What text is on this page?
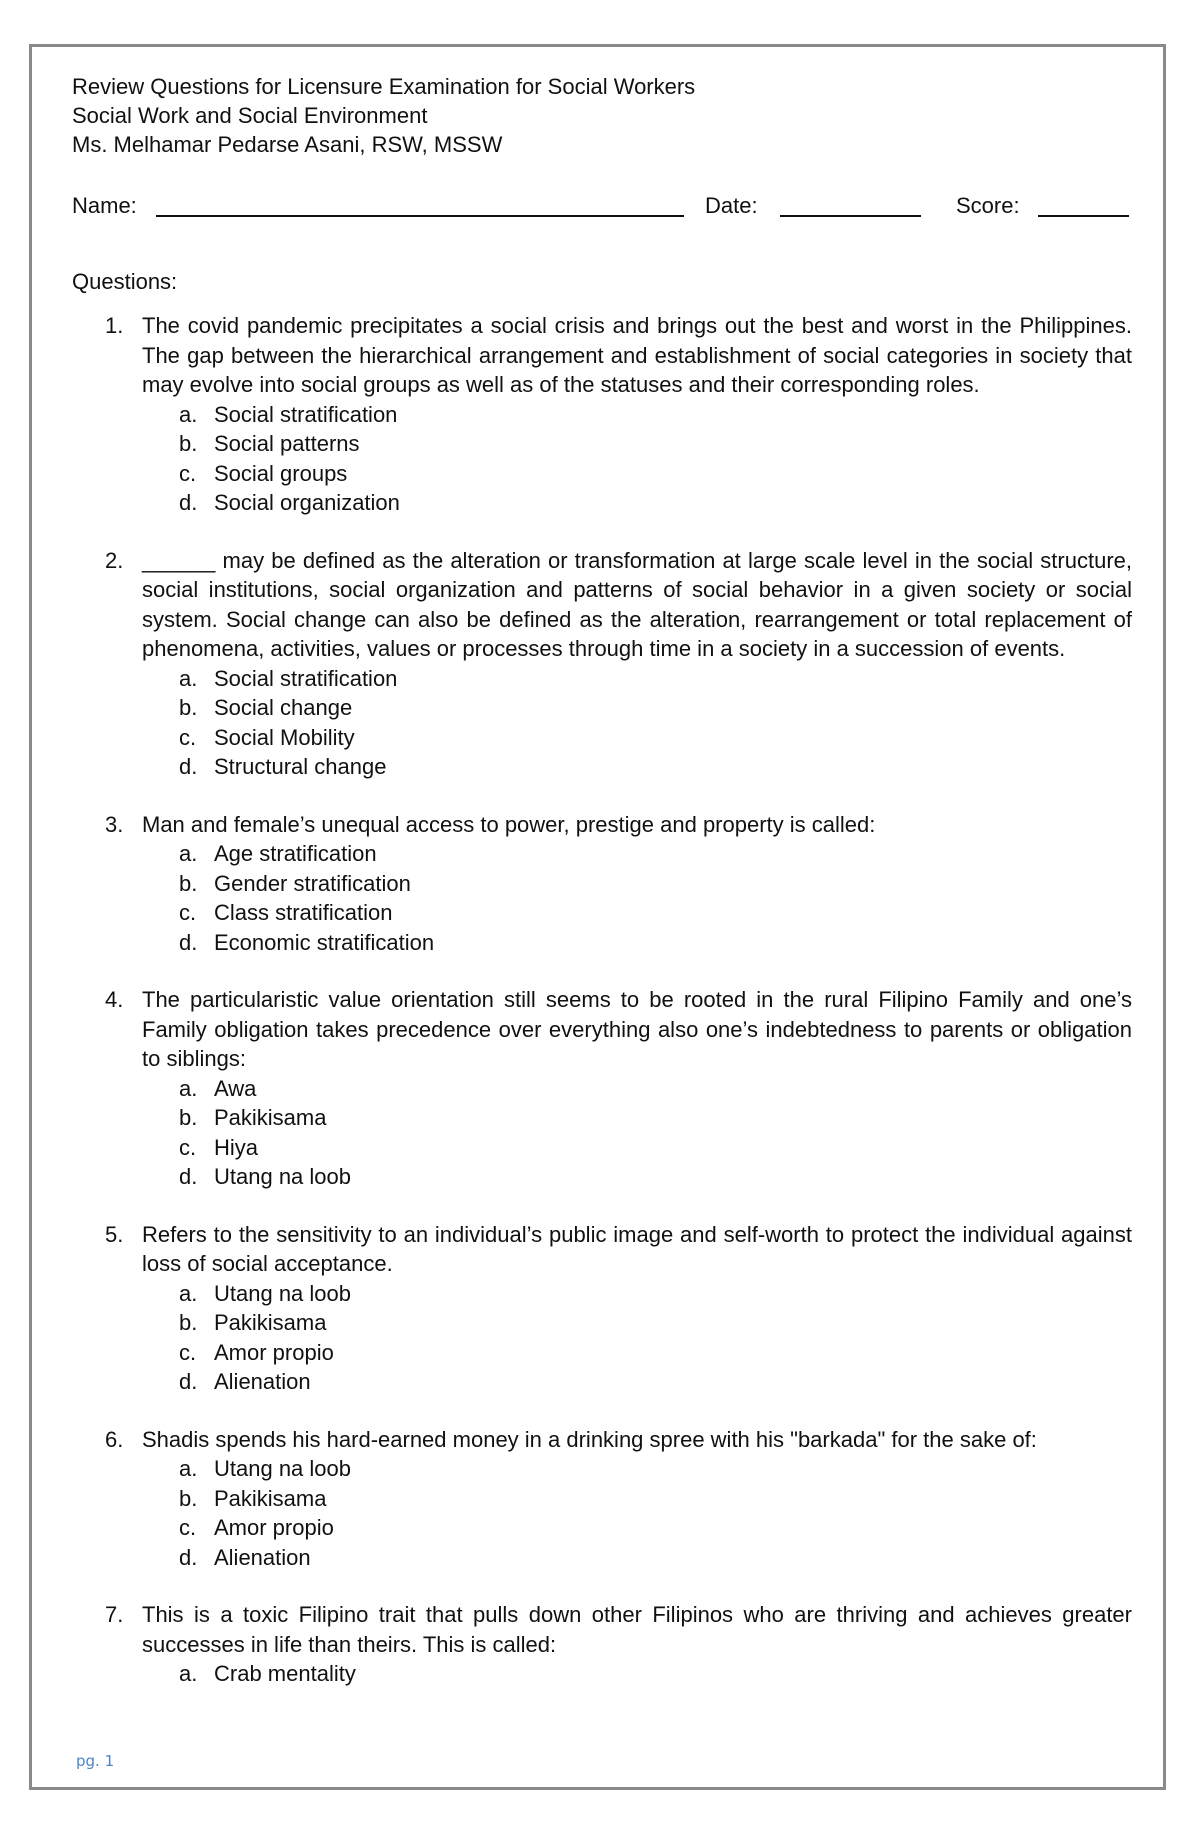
Review Questions for Licensure Examination for Social Workers
Social Work and Social Environment
Ms. Melhamar Pedarse Asani, RSW, MSSW
Name:	Date:	Score:
Questions:
1. The covid pandemic precipitates a social crisis and brings out the best and worst in the Philippines. The gap between the hierarchical arrangement and establishment of social categories in society that may evolve into social groups as well as of the statuses and their corresponding roles.

a. Social stratification
b. Social patterns
c. Social groups
d. Social organization
2. ______ may be defined as the alteration or transformation at large scale level in the social structure, social institutions, social organization and patterns of social behavior in a given society or social system. Social change can also be defined as the alteration, rearrangement or total replacement of phenomena, activities, values or processes through time in a society in a succession of events.

a. Social stratification
b. Social change
c. Social Mobility
d. Structural change
3. Man and female’s unequal access to power, prestige and property is called:

a. Age stratification
b. Gender stratification
c. Class stratification
d. Economic stratification
4. The particularistic value orientation still seems to be rooted in the rural Filipino Family and one’s Family obligation takes precedence over everything also one’s indebtedness to parents or obligation to siblings:

a. Awa
b. Pakikisama
c. Hiya
d. Utang na loob
5. Refers to the sensitivity to an individual’s public image and self-worth to protect the individual against loss of social acceptance.

a. Utang na loob
b. Pakikisama
c. Amor propio
d. Alienation
6. Shadis spends his hard-earned money in a drinking spree with his "barkada" for the sake of:

a. Utang na loob
b. Pakikisama
c. Amor propio
d. Alienation
7. This is a toxic Filipino trait that pulls down other Filipinos who are thriving and achieves greater successes in life than theirs. This is called:

a. Crab mentality
pg. 1
